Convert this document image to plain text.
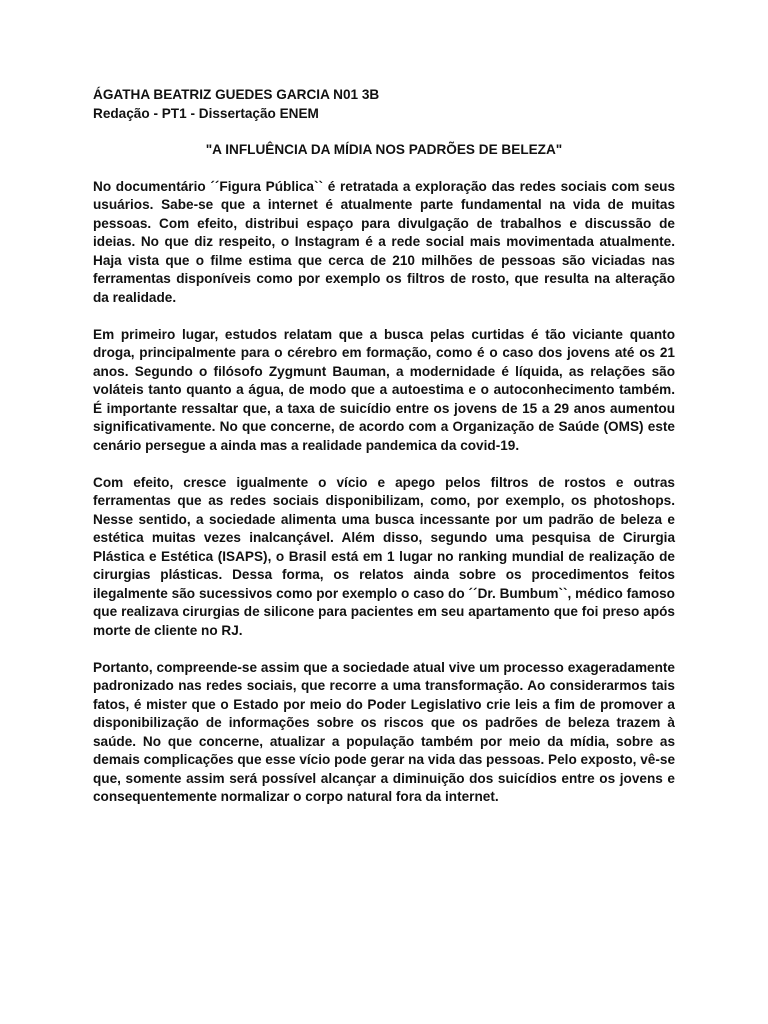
ÁGATHA BEATRIZ GUEDES GARCIA N01 3B

Redação - PT1 - Dissertação ENEM

"A INFLUÊNCIA DA MÍDIA NOS PADRÕES DE BELEZA"

No documentário ´´Figura Pública`` é retratada a exploração das redes sociais com seus usuários. Sabe-se que a internet é atualmente parte fundamental na vida de muitas pessoas. Com efeito, distribui espaço para divulgação de trabalhos e discussão de ideias. No que diz respeito, o Instagram é a rede social mais movimentada atualmente. Haja vista que o filme estima que cerca de 210 milhões de pessoas são viciadas nas ferramentas disponíveis como por exemplo os filtros de rosto, que resulta na alteração da realidade.

Em primeiro lugar, estudos relatam que a busca pelas curtidas é tão viciante quanto droga, principalmente para o cérebro em formação, como é o caso dos jovens até os 21 anos. Segundo o filósofo Zygmunt Bauman, a modernidade é líquida, as relações são voláteis tanto quanto a água, de modo que a autoestima e o autoconhecimento também. É importante ressaltar que, a taxa de suicídio entre os jovens de 15 a 29 anos aumentou significativamente. No que concerne, de acordo com a Organização de Saúde (OMS) este cenário persegue a ainda mas a realidade pandemica da covid-19.

Com efeito, cresce igualmente o vício e apego pelos filtros de rostos e outras ferramentas que as redes sociais disponibilizam, como, por exemplo, os photoshops. Nesse sentido, a sociedade alimenta uma busca incessante por um padrão de beleza e estética muitas vezes inalcançável. Além disso, segundo uma pesquisa de Cirurgia Plástica e Estética (ISAPS), o Brasil está em 1 lugar no ranking mundial de realização de cirurgias plásticas. Dessa forma, os relatos ainda sobre os procedimentos feitos ilegalmente são sucessivos como por exemplo o caso do ´´Dr. Bumbum``, médico famoso que realizava cirurgias de silicone para pacientes em seu apartamento que foi preso após morte de cliente no RJ.

Portanto, compreende-se assim que a sociedade atual vive um processo exageradamente padronizado nas redes sociais, que recorre a uma transformação. Ao considerarmos tais fatos, é mister que o Estado por meio do Poder Legislativo crie leis a fim de promover a disponibilização de informações sobre os riscos que os padrões de beleza trazem à saúde. No que concerne, atualizar a população também por meio da mídia, sobre as demais complicações que esse vício pode gerar na vida das pessoas. Pelo exposto, vê-se que, somente assim será possível alcançar a diminuição dos suicídios entre os jovens e consequentemente normalizar o corpo natural fora da internet.
